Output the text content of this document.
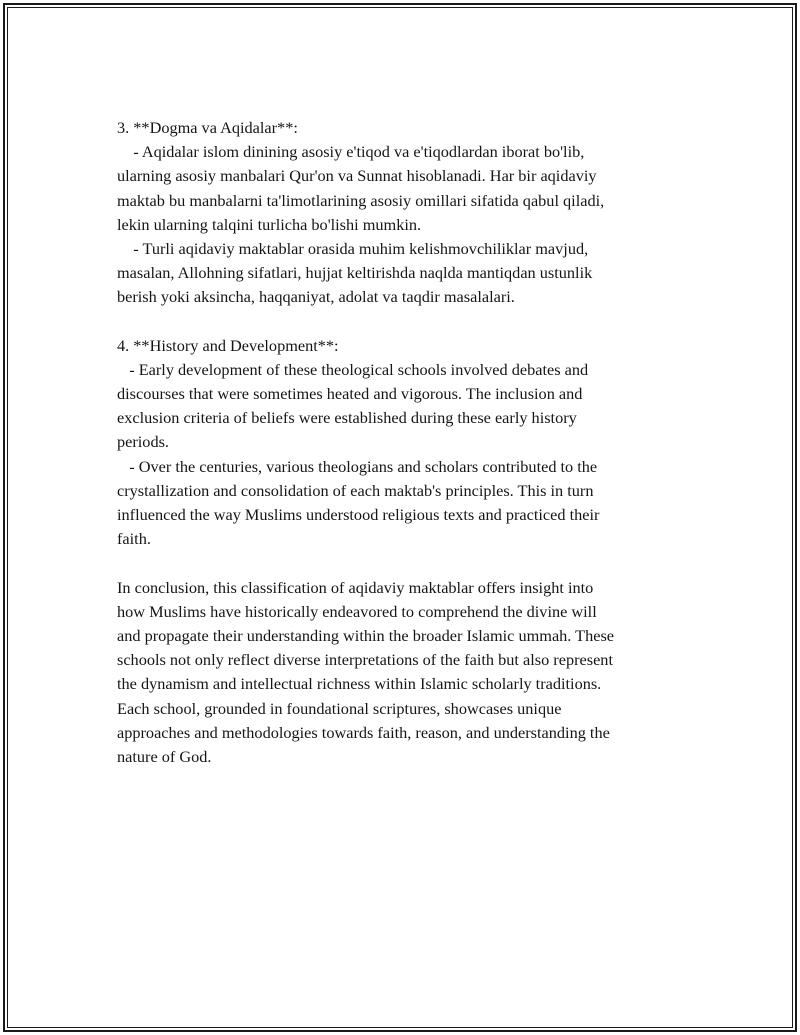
3. **Dogma va Aqidalar**:
- Aqidalar islom dinining asosiy e'tiqod va e'tiqodlardan iborat bo'lib,
ularning asosiy manbalari Qur'on va Sunnat hisoblanadi. Har bir aqidaviy
maktab bu manbalarni ta'limotlarining asosiy omillari sifatida qabul qiladi,
lekin ularning talqini turlicha bo'lishi mumkin.
- Turli aqidaviy maktablar orasida muhim kelishmovchiliklar mavjud,
masalan, Allohning sifatlari, hujjat keltirishda naqlda mantiqdan ustunlik
berish yoki aksincha, haqqaniyat, adolat va taqdir masalalari.
4. **History and Development**:
- Early development of these theological schools involved debates and
discourses that were sometimes heated and vigorous. The inclusion and
exclusion criteria of beliefs were established during these early history
periods.
- Over the centuries, various theologians and scholars contributed to the
crystallization and consolidation of each maktab's principles. This in turn
influenced the way Muslims understood religious texts and practiced their
faith.
In conclusion, this classification of aqidaviy maktablar offers insight into
how Muslims have historically endeavored to comprehend the divine will
and propagate their understanding within the broader Islamic ummah. These
schools not only reflect diverse interpretations of the faith but also represent
the dynamism and intellectual richness within Islamic scholarly traditions.
Each school, grounded in foundational scriptures, showcases unique
approaches and methodologies towards faith, reason, and understanding the
nature of God.
